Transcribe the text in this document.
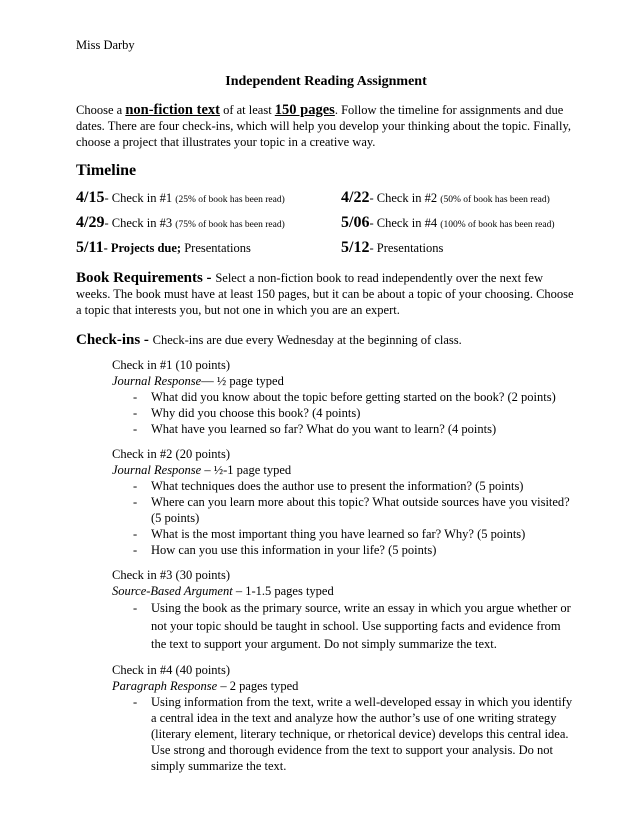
Miss Darby

Independent Reading Assignment

Choose a non-fiction text of at least 150 pages. Follow the timeline for assignments and due dates. There are four check-ins, which will help you develop your thinking about the topic. Finally, choose a project that illustrates your topic in a creative way.

Timeline
4/15- Check in #1 (25% of book has been read)	4/22- Check in #2 (50% of book has been read)
4/29- Check in #3 (75% of book has been read)	5/06- Check in #4 (100% of book has been read)
5/11- Projects due; Presentations	5/12- Presentations

Book Requirements - Select a non-fiction book to read independently over the next few weeks. The book must have at least 150 pages, but it can be about a topic of your choosing. Choose a topic that interests you, but not one in which you are an expert.

Check-ins - Check-ins are due every Wednesday at the beginning of class.

Check in #1 (10 points)

Journal Response— ½ page typed

- What did you know about the topic before getting started on the book? (2 points)
- Why did you choose this book? (4 points)
- What have you learned so far? What do you want to learn? (4 points)

Check in #2 (20 points)

Journal Response – ½-1 page typed

- What techniques does the author use to present the information? (5 points)
- Where can you learn more about this topic? What outside sources have you visited? (5 points)
- What is the most important thing you have learned so far? Why? (5 points)
- How can you use this information in your life? (5 points)

Check in #3 (30 points)

Source-Based Argument – 1-1.5 pages typed

- Using the book as the primary source, write an essay in which you argue whether or not your topic should be taught in school. Use supporting facts and evidence from the text to support your argument. Do not simply summarize the text.

Check in #4 (40 points)

Paragraph Response – 2 pages typed

- Using information from the text, write a well-developed essay in which you identify a central idea in the text and analyze how the author’s use of one writing strategy (literary element, literary technique, or rhetorical device) develops this central idea. Use strong and thorough evidence from the text to support your analysis. Do not simply summarize the text.
